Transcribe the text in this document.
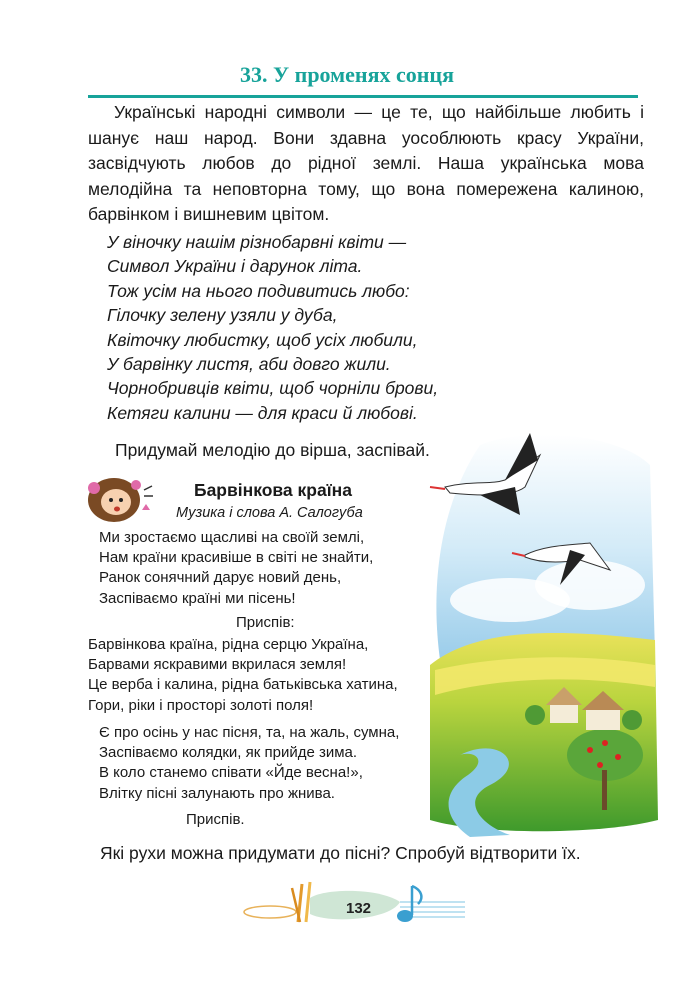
33. У променях сонця

Українські народні символи — це те, що найбільше любить і шанує наш народ. Вони здавна уособлюють красу України, засвідчують любов до рідної землі. Наша українська мова мелодійна та неповторна тому, що вона помережена калиною, барвінком і вишневим цвітом.

У віночку нашім різнобарвні квіти —
Символ України і дарунок літа.
Тож усім на нього подивитись любо:
Гілочку зелену узяли у дуба,
Квіточку любистку, щоб усіх любили,
У барвінку листя, аби довго жили.
Чорнобривців квіти, щоб чорніли брови,
Кетяги калини — для краси й любові.
Придумай мелодію до вірша, заспівай.
Барвінкова країна
Музика і слова А. Салогуба
Ми зростаємо щасливі на своїй землі,
Нам країни красивіше в світі не знайти,
Ранок сонячний дарує новий день,
Заспіваємо країні ми пісень!
Приспів:
Барвінкова країна, рідна серцю Україна,
Барвами яскравими вкрилася земля!
Це верба і калина, рідна батьківська хатина,
Гори, ріки і просторі золоті поля!
Є про осінь у нас пісня, та, на жаль, сумна,
Заспіваємо колядки, як прийде зима.
В коло станемо співати «Йде весна!»,
Влітку пісні залунають про жнива.
Приспів.
Які рухи можна придумати до пісні? Спробуй відтворити їх.
132
